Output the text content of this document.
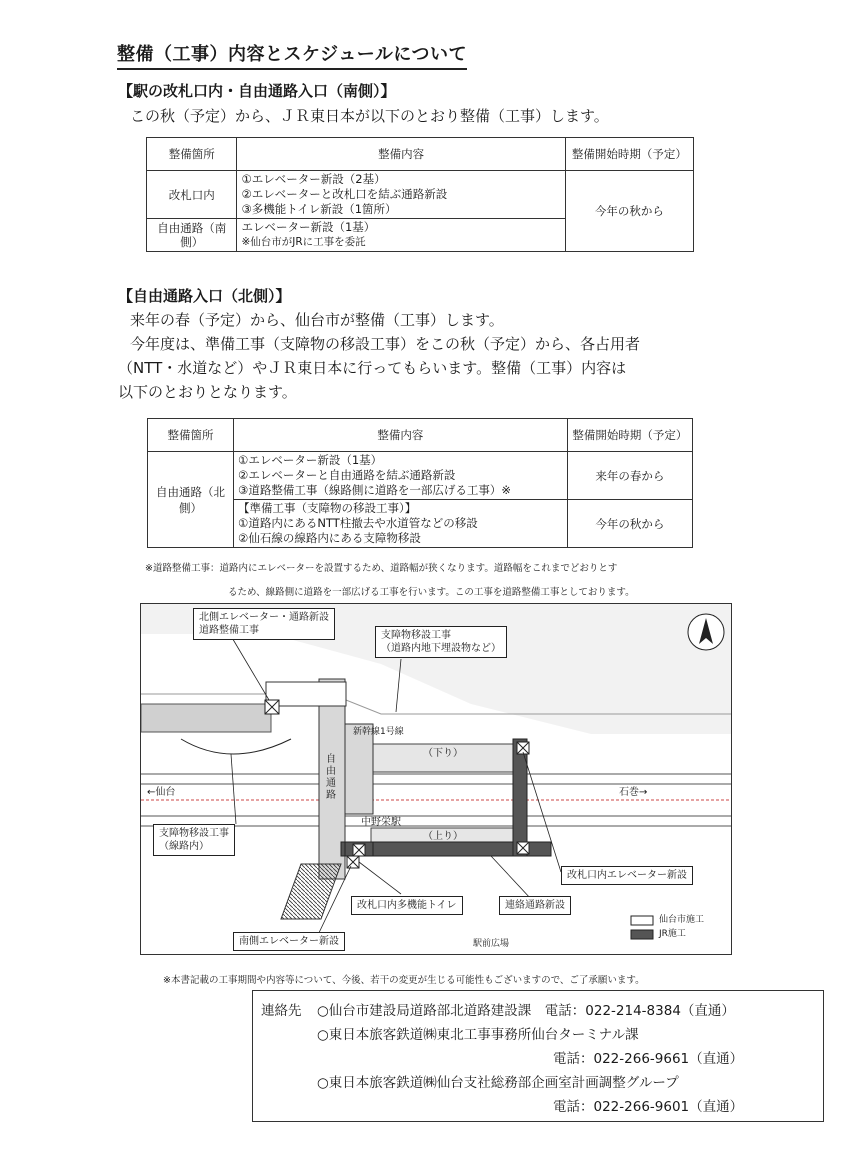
整備（工事）内容とスケジュールについて
【駅の改札口内・自由通路入口（南側）】
この秋（予定）から、ＪＲ東日本が以下のとおり整備（工事）します。
整備箇所	整備内容	整備開始時期（予定）
改札口内	①エレベーター新設（2基）
②エレベーターと改札口を結ぶ通路新設
③多機能トイレ新設（1箇所）	今年の秋から
自由通路（南側）	エレベーター新設（1基）
※仙台市がJRに工事を委託	
【自由通路入口（北側）】
来年の春（予定）から、仙台市が整備（工事）します。
今年度は、準備工事（支障物の移設工事）をこの秋（予定）から、各占用者
（NTT・水道など）やＪＲ東日本に行ってもらいます。整備（工事）内容は
以下のとおりとなります。
整備箇所	整備内容	整備開始時期（予定）
自由通路（北側）	①エレベーター新設（1基）
②エレベーターと自由通路を結ぶ通路新設
③道路整備工事（線路側に道路を一部広げる工事）※	来年の春から

	【準備工事（支障物の移設工事）】
①道路内にあるNTT柱撤去や水道管などの移設
②仙石線の線路内にある支障物移設	今年の秋から
※道路整備工事：道路内にエレベーターを設置するため、道路幅が狭くなります。道路幅をこれまでどおりとす
るため、線路側に道路を一部広げる工事を行います。この工事を道路整備工事としております。
北側エレベーター・通路新設
道路整備工事	支障物移設工事
（道路内地下埋設物など）
新幹線1号線
自由通路
（下り）
（上り）
中野栄駅
←仙台	石巻→
支障物移設工事
（線路内）
改札口内エレベーター新設
改札口内多機能トイレ	連絡通路新設
南側エレベーター新設	駅前広場
仙台市施工
JR施工
※本書記載の工事期間や内容等について、今後、若干の変更が生じる可能性もございますので、ご了承願います。
連絡先 ○仙台市建設局道路部北道路建設課　電話：022-214-8384（直通）
○東日本旅客鉄道㈱東北工事事務所仙台ターミナル課
電話：022-266-9661（直通）
○東日本旅客鉄道㈱仙台支社総務部企画室計画調整グループ
電話：022-266-9601（直通）
